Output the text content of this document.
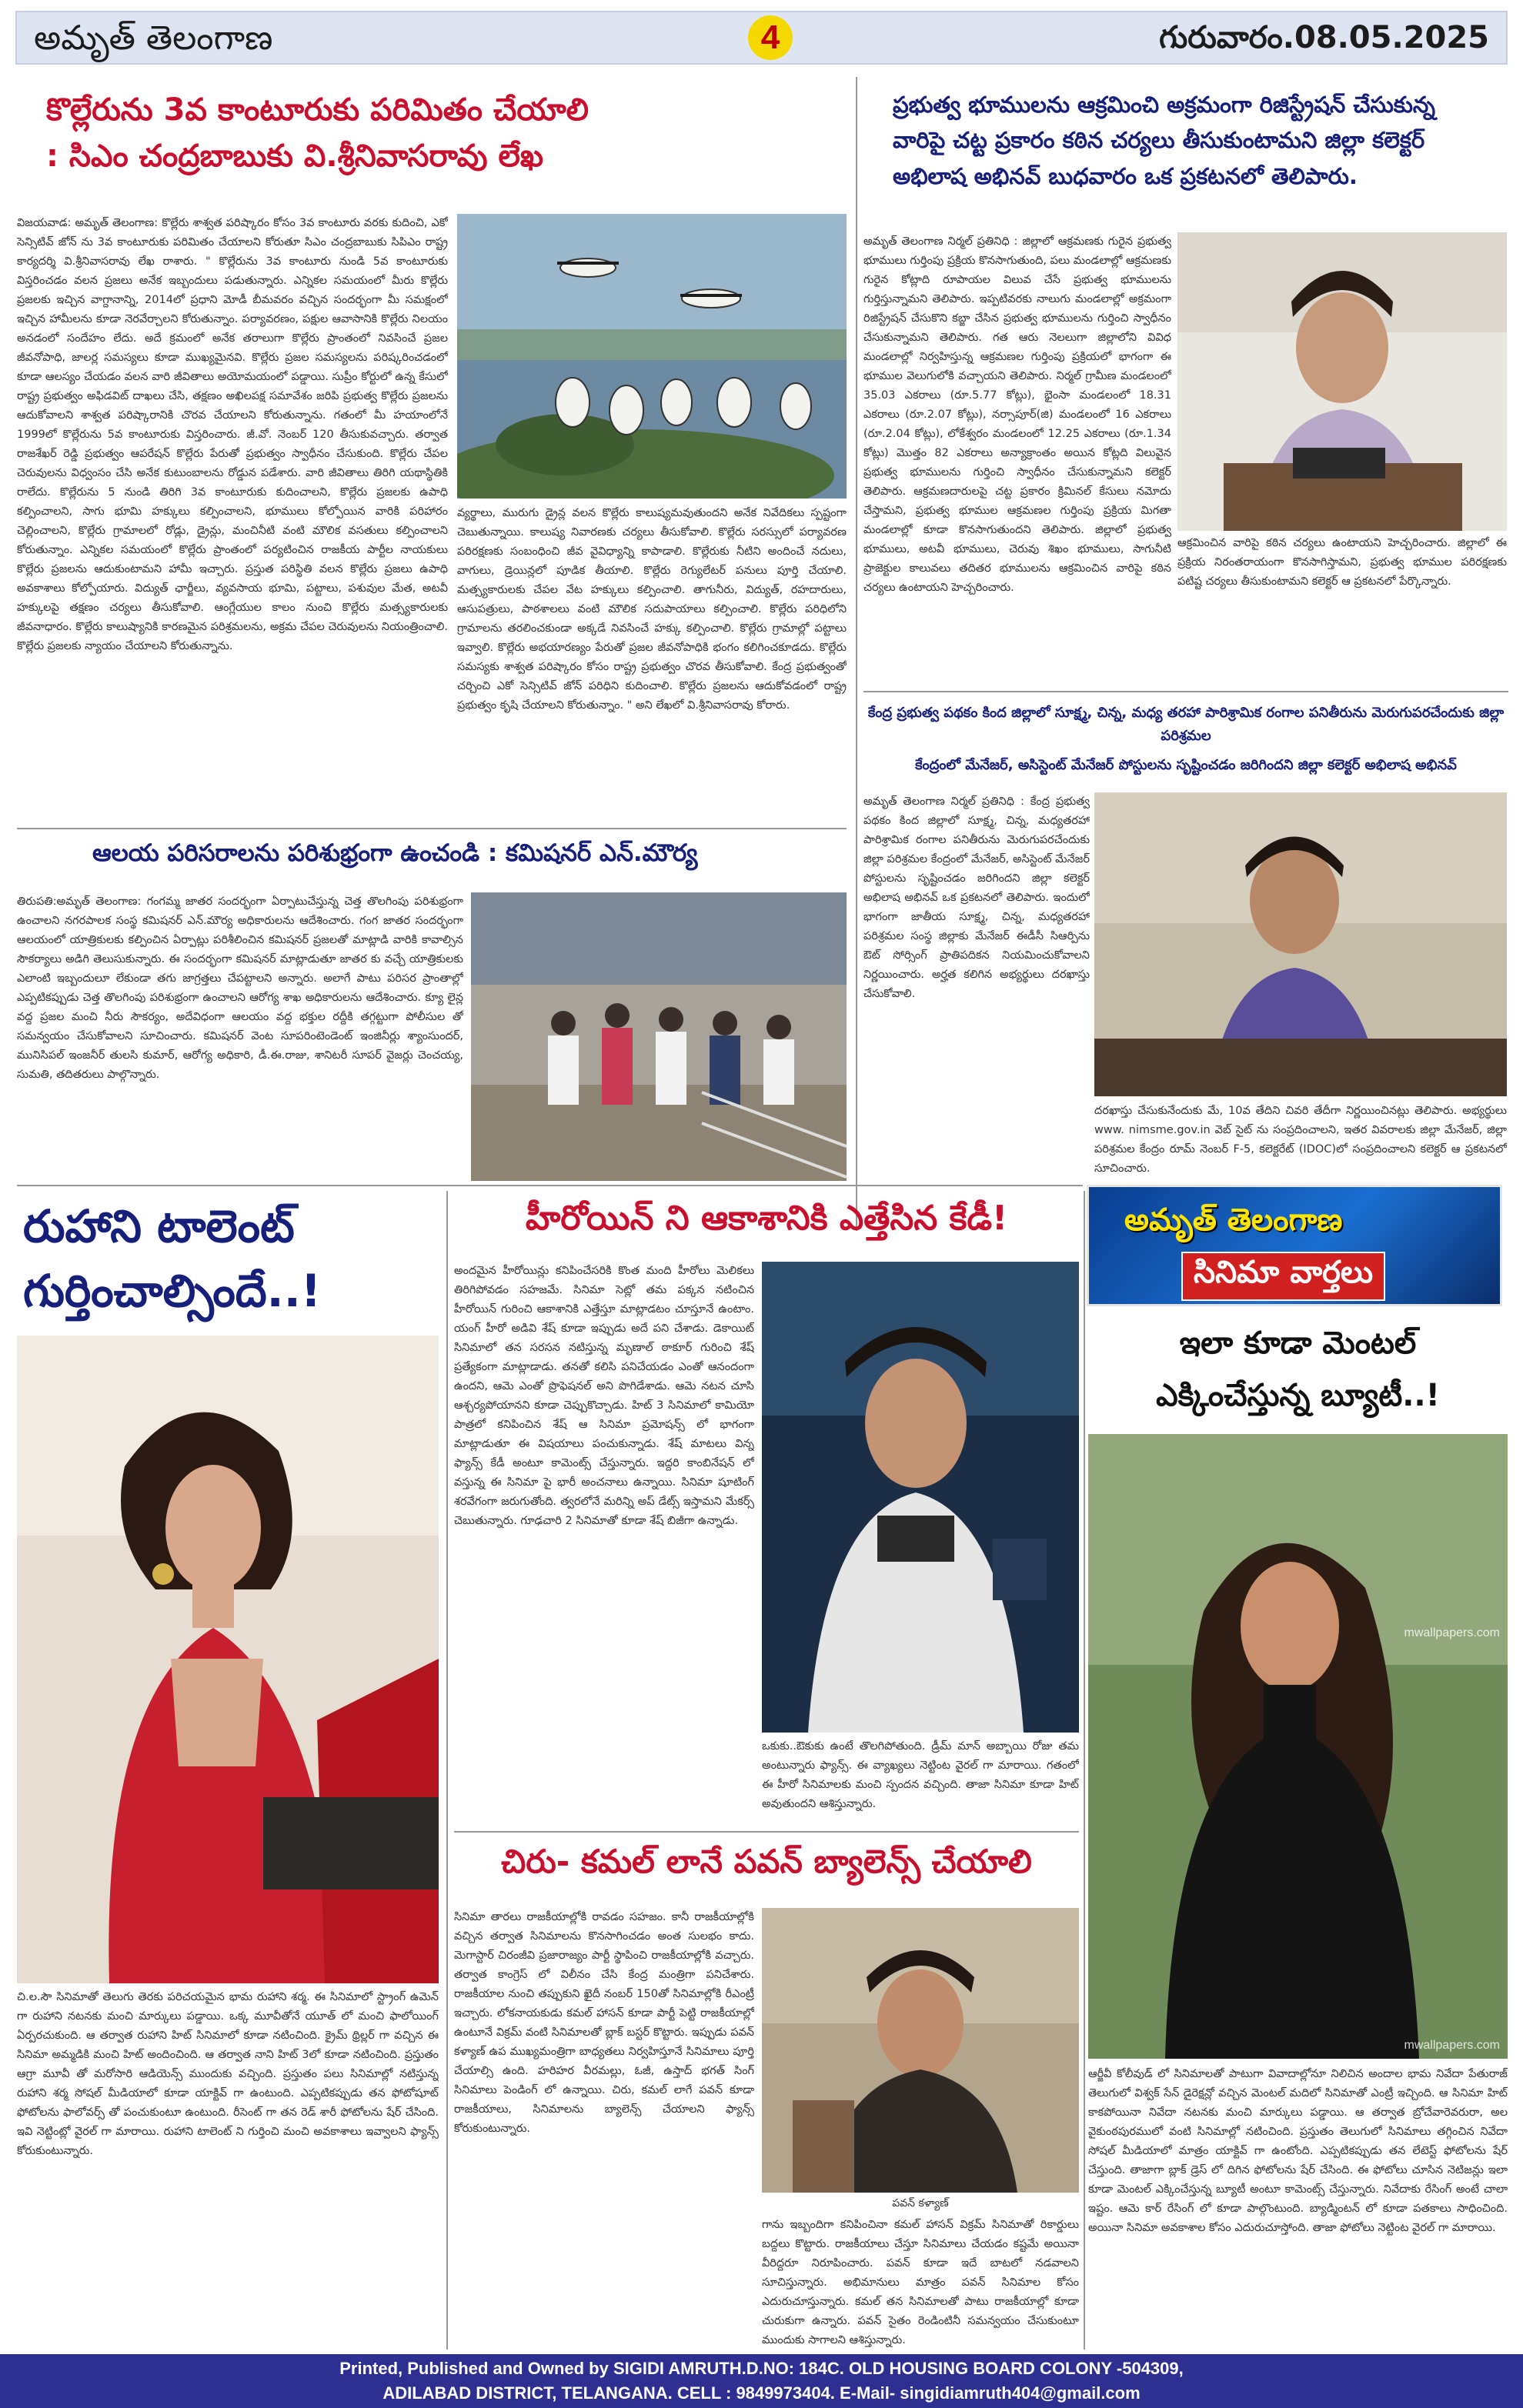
అమృత్ తెలంగాణ	4	గురువారం.08.05.2025
కొల్లేరును 3వ కాంటూరుకు పరిమితం చేయాలి
: సిఎం చంద్రబాబుకు వి.శ్రీనివాసరావు లేఖ
విజయవాడ: అమృత్ తెలంగాణ: కొల్లేరు శాశ్వత పరిష్కారం కోసం 3వ కాంటూరు వరకు కుదించి, ఎకో సెన్సిటివ్ జోన్ ను 3వ కాంటూరుకు పరిమితం చేయాలని కోరుతూ సిఎం చంద్రబాబుకు సిపిఎం రాష్ట్ర కార్యదర్శి వి.శ్రీనివాసరావు లేఖ రాశారు. " కొల్లేరును 3వ కాంటూరు నుండి 5వ కాంటూరుకు విస్తరించడం వలన ప్రజలు అనేక ఇబ్బందులు పడుతున్నారు. ఎన్నికల సమయంలో మీరు కొల్లేరు ప్రజలకు ఇచ్చిన వాగ్దానాన్ని, 2014లో ప్రధాని మోడీ బీమవరం వచ్చిన సందర్భంగా మీ సమక్షంలో ఇచ్చిన హామీలను కూడా నెరవేర్చాలని కోరుతున్నాం. పర్యావరణం, పక్షుల ఆవాసానికి కొల్లేరు నిలయం అనడంలో సందేహం లేదు. అదే క్రమంలో అనేక తరాలుగా కొల్లేరు ప్రాంతంలో నివసించే ప్రజల జీవనోపాధి, జాలర్ల సమస్యలు కూడా ముఖ్యమైనవి. కొల్లేరు ప్రజల సమస్యలను పరిష్కరించడంలో కూడా ఆలస్యం చేయడం వలన వారి జీవితాలు అయోమయంలో పడ్డాయి. సుప్రీం కోర్టులో ఉన్న కేసులో రాష్ట్ర ప్రభుత్వం అఫిడవిట్ దాఖలు చేసి, తక్షణం అఖిలపక్ష సమావేశం జరిపి ప్రభుత్వ కొల్లేరు ప్రజలను ఆదుకోవాలని శాశ్వత పరిష్కారానికి చొరవ చేయాలని కోరుతున్నాను. గతంలో మీ హయాంలోనే 1999లో కొల్లేరును 5వ కాంటూరుకు విస్తరించారు. జీ.వో. నెంబర్ 120 తీసుకువచ్చారు. తర్వాత రాజశేఖర్ రెడ్డి ప్రభుత్వం ఆపరేషన్ కొల్లేరు పేరుతో ప్రభుత్వం స్వాధీనం చేసుకుంది. కొల్లేరు చేపల చెరువులను విధ్వంసం చేసి అనేక కుటుంబాలను రోడ్డున పడేశారు. వారి జీవితాలు తిరిగి యథాస్థితికి రాలేదు. కొల్లేరును 5 నుండి తిరిగి 3వ కాంటూరుకు కుదించాలని, కొల్లేరు ప్రజలకు ఉపాధి కల్పించాలని, సాగు భూమి హక్కులు కల్పించాలని, భూములు కోల్పోయిన వారికి పరిహారం చెల్లించాలని, కొల్లేరు గ్రామాలలో రోడ్లు, డ్రైన్లు, మంచినీటి వంటి మౌలిక వసతులు కల్పించాలని కోరుతున్నాం. ఎన్నికల సమయంలో కొల్లేరు ప్రాంతంలో పర్యటించిన రాజకీయ పార్టీల నాయకులు కొల్లేరు ప్రజలను ఆదుకుంటామని హామీ ఇచ్చారు. ప్రస్తుత పరిస్థితి వలన కొల్లేరు ప్రజలు ఉపాధి అవకాశాలు కోల్పోయారు. విద్యుత్ ఛార్జీలు, వ్యవసాయ భూమి, పట్టాలు, పశువుల మేత, అటవీ హక్కులపై తక్షణం చర్యలు తీసుకోవాలి. ఆంగ్లేయుల కాలం నుంచి కొల్లేరు మత్స్యకారులకు జీవనాధారం. కొల్లేరు కాలుష్యానికి కారణమైన పరిశ్రమలను, అక్రమ చేపల చెరువులను నియంత్రించాలి. కొల్లేరు ప్రజలకు న్యాయం చేయాలని కోరుతున్నాను.
వ్యర్థాలు, మురుగు డ్రైన్ల వలన కొల్లేరు కాలుష్యమవుతుందని అనేక నివేదికలు స్పష్టంగా చెబుతున్నాయి. కాలుష్య నివారణకు చర్యలు తీసుకోవాలి. కొల్లేరు సరస్సులో పర్యావరణ పరిరక్షణకు సంబంధించి జీవ వైవిధ్యాన్ని కాపాడాలి. కొల్లేరుకు నీటిని అందించే నదులు, వాగులు, డ్రెయిన్లలో పూడిక తీయాలి. కొల్లేరు రెగ్యులేటర్ పనులు పూర్తి చేయాలి. మత్స్యకారులకు చేపల వేట హక్కులు కల్పించాలి. తాగునీరు, విద్యుత్, రహదారులు, ఆసుపత్రులు, పాఠశాలలు వంటి మౌలిక సదుపాయాలు కల్పించాలి. కొల్లేరు పరిధిలోని గ్రామాలను తరలించకుండా అక్కడే నివసించే హక్కు కల్పించాలి. కొల్లేరు గ్రామాల్లో పట్టాలు ఇవ్వాలి. కొల్లేరు అభయారణ్యం పేరుతో ప్రజల జీవనోపాధికి భంగం కలిగించకూడదు. కొల్లేరు సమస్యకు శాశ్వత పరిష్కారం కోసం రాష్ట్ర ప్రభుత్వం చొరవ తీసుకోవాలి. కేంద్ర ప్రభుత్వంతో చర్చించి ఎకో సెన్సిటివ్ జోన్ పరిధిని కుదించాలి. కొల్లేరు ప్రజలను ఆదుకోవడంలో రాష్ట్ర ప్రభుత్వం కృషి చేయాలని కోరుతున్నాం. " అని లేఖలో వి.శ్రీనివాసరావు కోరారు.
ప్రభుత్వ భూములను ఆక్రమించి అక్రమంగా రిజిస్ట్రేషన్ చేసుకున్న
వారిపై చట్ట ప్రకారం కఠిన చర్యలు తీసుకుంటామని జిల్లా కలెక్టర్
అభిలాష అభినవ్ బుధవారం ఒక ప్రకటనలో తెలిపారు.
అమృత్ తెలంగాణ నిర్మల్ ప్రతినిధి : జిల్లాలో ఆక్రమణకు గురైన ప్రభుత్వ భూములు గుర్తింపు ప్రక్రియ కొనసాగుతుంది, పలు మండలాల్లో ఆక్రమణకు గురైన కోట్లాది రూపాయల విలువ చేసే ప్రభుత్వ భూములను గుర్తిస్తున్నామని తెలిపారు. ఇప్పటివరకు నాలుగు మండలాల్లో అక్రమంగా రిజిస్ట్రేషన్ చేసుకొని కబ్జా చేసిన ప్రభుత్వ భూములను గుర్తించి స్వాధీనం చేసుకున్నామని తెలిపారు. గత ఆరు నెలలుగా జిల్లాలోని వివిధ మండలాల్లో నిర్వహిస్తున్న ఆక్రమణల గుర్తింపు ప్రక్రియలో భాగంగా ఈ భూముల వెలుగులోకి వచ్చాయని తెలిపారు. నిర్మల్ గ్రామీణ మండలంలో 35.03 ఎకరాలు (రూ.5.77 కోట్లు), భైంసా మండలంలో 18.31 ఎకరాలు (రూ.2.07 కోట్లు), నర్సాపూర్(జి) మండలంలో 16 ఎకరాలు (రూ.2.04 కోట్లు), లోకేశ్వరం మండలంలో 12.25 ఎకరాలు (రూ.1.34 కోట్లు) మొత్తం 82 ఎకరాలు అన్యాక్రాంతం అయిన కోట్లది విలువైన ప్రభుత్వ భూములను గుర్తించి స్వాధీనం చేసుకున్నామని కలెక్టర్ తెలిపారు. ఆక్రమణదారులపై చట్ట ప్రకారం క్రిమినల్ కేసులు నమోదు చేస్తామని, ప్రభుత్వ భూముల ఆక్రమణల గుర్తింపు ప్రక్రియ మిగతా మండలాల్లో కూడా కొనసాగుతుందని తెలిపారు. జిల్లాలో ప్రభుత్వ భూములు, అటవీ భూములు, చెరువు శిఖం భూములు, సాగునీటి ప్రాజెక్టుల కాలువలు తదితర భూములను ఆక్రమించిన వారిపై కఠిన చర్యలు ఉంటాయని హెచ్చరించారు.
ఆక్రమించిన వారిపై కఠిన చర్యలు ఉంటాయని హెచ్చరించారు. జిల్లాలో ఈ ప్రక్రియ నిరంతరాయంగా కొనసాగిస్తామని, ప్రభుత్వ భూముల పరిరక్షణకు పటిష్ట చర్యలు తీసుకుంటామని కలెక్టర్ ఆ ప్రకటనలో పేర్కొన్నారు.
కేంద్ర ప్రభుత్వ పథకం కింద జిల్లాలో సూక్ష్మ, చిన్న, మధ్య తరహా పారిశ్రామిక రంగాల పనితీరును మెరుగుపరచేందుకు జిల్లా పరిశ్రమల
కేంద్రంలో మేనేజర్, అసిస్టెంట్ మేనేజర్ పోస్టులను సృష్టించడం జరిగిందని జిల్లా కలెక్టర్ అభిలాష అభినవ్
అమృత్ తెలంగాణ నిర్మల్ ప్రతినిధి : కేంద్ర ప్రభుత్వ పథకం కింద జిల్లాలో సూక్ష్మ, చిన్న, మధ్యతరహా పారిశ్రామిక రంగాల పనితీరును మెరుగుపరచేందుకు జిల్లా పరిశ్రమల కేంద్రంలో మేనేజర్, అసిస్టెంట్ మేనేజర్ పోస్టులను సృష్టించడం జరిగిందని జిల్లా కలెక్టర్ అభిలాష అభినవ్ ఒక ప్రకటనలో తెలిపారు. ఇందులో భాగంగా జాతీయ సూక్ష్మ, చిన్న, మధ్యతరహా పరిశ్రమల సంస్థ జిల్లాకు మేనేజర్ ఈడీసీ సిఆర్పిను ఔట్ సోర్సింగ్ ప్రాతిపదికన నియమించుకోవాలని నిర్ణయించారు. అర్హత కలిగిన అభ్యర్థులు దరఖాస్తు చేసుకోవాలి.
దరఖాస్తు చేసుకునేందుకు మే, 10వ తేదిని చివరి తేదీగా నిర్ణయించినట్లు తెలిపారు. అభ్యర్థులు www. nimsme.gov.in వెబ్ సైట్ ను సంప్రదించాలని, ఇతర వివరాలకు జిల్లా మేనేజర్, జిల్లా పరిశ్రమల కేంద్రం రూమ్ నెంబర్ F-5, కలెక్టరేట్ (IDOC)లో సంప్రదించాలని కలెక్టర్ ఆ ప్రకటనలో సూచించారు.
ఆలయ పరిసరాలను పరిశుభ్రంగా ఉంచండి : కమిషనర్ ఎన్.మౌర్య
తిరుపతి:అమృత్ తెలంగాణ: గంగమ్మ జాతర సందర్భంగా ఏర్పాటుచేస్తున్న చెత్త తొలగింపు పరిశుభ్రంగా ఉంచాలని నగరపాలక సంస్థ కమిషనర్ ఎన్.మౌర్య అధికారులను ఆదేశించారు. గంగ జాతర సందర్భంగా ఆలయంలో యాత్రికులకు కల్పించిన ఏర్పాట్లు పరిశీలించిన కమిషనర్ ప్రజలతో మాట్లాడి వారికి కావాల్సిన సౌకర్యాలు అడిగి తెలుసుకున్నారు. ఈ సందర్భంగా కమిషనర్ మాట్లాడుతూ జాతర కు వచ్చే యాత్రికులకు ఎలాంటి ఇబ్బందులూ లేకుండా తగు జాగ్రత్తలు చేపట్టాలని అన్నారు. అలాగే పాటు పరిసర ప్రాంతాల్లో ఎప్పటికప్పుడు చెత్త తొలగింపు పరిశుభ్రంగా ఉంచాలని ఆరోగ్య శాఖ అధికారులను ఆదేశించారు. క్యూ లైన్ల వద్ద ప్రజల మంచి నీరు సౌకర్యం, అదేవిధంగా ఆలయం వద్ద భక్తుల రద్దీకి తగ్గట్టుగా పోలీసుల తో సమన్వయం చేసుకోవాలని సూచించారు. కమిషనర్ వెంట సూపరింటెండెంట్ ఇంజినీర్లు శ్యాంసుందర్, మునిసిపల్ ఇంజనీర్ తులసి కుమార్, ఆరోగ్య అధికారి, డీ.ఈ.రాజు, శానిటరీ సూపర్ వైజర్లు చెంచయ్య, సుమతి, తదితరులు పాల్గొన్నారు.
రుహాని టాలెంట్
గుర్తించాల్సిందే..!
చి.ల.సౌ సినిమాతో తెలుగు తెరకు పరిచయమైన భామ రుహాని శర్మ. ఈ సినిమాలో స్ట్రాంగ్ ఉమెన్ గా రుహాని నటనకు మంచి మార్కులు పడ్డాయి. ఒక్క మూవీతోనే యూత్ లో మంచి ఫాలోయింగ్ ఏర్పరచుకుంది. ఆ తర్వాత రుహాని హిట్ సినిమాలో కూడా నటించింది. క్రైమ్ థ్రిల్లర్ గా వచ్చిన ఈ సినిమా అమ్మడికి మంచి హిట్ అందించింది. ఆ తర్వాత నాని హిట్ 3లో కూడా నటించింది. ప్రస్తుతం ఆగ్రా మూవీ తో మరోసారి ఆడియెన్స్ ముందుకు వచ్చింది. ప్రస్తుతం పలు సినిమాల్లో నటిస్తున్న రుహాని శర్మ సోషల్ మీడియాలో కూడా యాక్టివ్ గా ఉంటుంది. ఎప్పటికప్పుడు తన ఫోటోషూట్ ఫోటోలను ఫాలోవర్స్ తో పంచుకుంటూ ఉంటుంది. రీసెంట్ గా తన రెడ్ శారీ ఫోటోలను షేర్ చేసింది. ఇవి నెట్టింట్లో వైరల్ గా మారాయి. రుహాని టాలెంట్ ని గుర్తించి మంచి అవకాశాలు ఇవ్వాలని ఫ్యాన్స్ కోరుకుంటున్నారు.
హీరోయిన్ ని ఆకాశానికి ఎత్తేసిన కేడీ!
అందమైన హీరోయిన్లు కనిపించేసరికి కొంత మంది హీరోలు మెలికలు తిరిగిపోవడం సహజమే. సినిమా సెట్లో తమ పక్కన నటించిన హీరోయిన్ గురించి ఆకాశానికి ఎత్తేస్తూ మాట్లాడటం చూస్తూనే ఉంటాం. యంగ్ హీరో అడివి శేష్ కూడా ఇప్పుడు అదే పని చేశాడు. డెకాయిట్ సినిమాలో తన సరసన నటిస్తున్న మృణాల్ ఠాకూర్ గురించి శేష్ ప్రత్యేకంగా మాట్లాడాడు. తనతో కలిసి పనిచేయడం ఎంతో ఆనందంగా ఉందని, ఆమె ఎంతో ప్రొఫెషనల్ అని పొగిడేశాడు. ఆమె నటన చూసి ఆశ్చర్యపోయానని కూడా చెప్పుకొచ్చాడు. హిట్ 3 సినిమాలో కామియో పాత్రలో కనిపించిన శేష్ ఆ సినిమా ప్రమోషన్స్ లో భాగంగా మాట్లాడుతూ ఈ విషయాలు పంచుకున్నాడు. శేష్ మాటలు విన్న ఫ్యాన్స్ కేడీ అంటూ కామెంట్స్ చేస్తున్నారు. ఇద్దరి కాంబినేషన్ లో వస్తున్న ఈ సినిమా పై భారీ అంచనాలు ఉన్నాయి. సినిమా షూటింగ్ శరవేగంగా జరుగుతోంది. త్వరలోనే మరిన్ని అప్ డేట్స్ ఇస్తామని మేకర్స్ చెబుతున్నారు. గూఢచారి 2 సినిమాతో కూడా శేష్ బిజీగా ఉన్నాడు.
ఒకుకు..ఔకుకు ఉంటే తొలగిపోతుంది. డ్రీమ్ మాన్ అబ్బాయి రోజు తమ అంటున్నారు ఫ్యాన్స్. ఈ వ్యాఖ్యలు నెట్టింట వైరల్ గా మారాయి. గతంలో ఈ హీరో సినిమాలకు మంచి స్పందన వచ్చింది. తాజా సినిమా కూడా హిట్ అవుతుందని ఆశిస్తున్నారు.
చిరు- కమల్ లానే పవన్ బ్యాలెన్స్ చేయాలి
సినిమా తారలు రాజకీయాల్లోకి రావడం సహజం. కానీ రాజకీయాల్లోకి వచ్చిన తర్వాత సినిమాలను కొనసాగించడం అంత సులభం కాదు. మెగాస్టార్ చిరంజీవి ప్రజారాజ్యం పార్టీ స్థాపించి రాజకీయాల్లోకి వచ్చారు. తర్వాత కాంగ్రెస్ లో విలీనం చేసి కేంద్ర మంత్రిగా పనిచేశారు. రాజకీయాల నుంచి తప్పుకుని ఖైదీ నంబర్ 150తో సినిమాల్లోకి రీఎంట్రీ ఇచ్చారు. లోకనాయకుడు కమల్ హాసన్ కూడా పార్టీ పెట్టి రాజకీయాల్లో ఉంటూనే విక్రమ్ వంటి సినిమాలతో బ్లాక్ బస్టర్ కొట్టారు. ఇప్పుడు పవన్ కళ్యాణ్ ఉప ముఖ్యమంత్రిగా బాధ్యతలు నిర్వహిస్తూనే సినిమాలు పూర్తి చేయాల్సి ఉంది. హరిహర వీరమల్లు, ఓజీ, ఉస్తాద్ భగత్ సింగ్ సినిమాలు పెండింగ్ లో ఉన్నాయి. చిరు, కమల్ లాగే పవన్ కూడా రాజకీయాలు, సినిమాలను బ్యాలెన్స్ చేయాలని ఫ్యాన్స్ కోరుకుంటున్నారు.
పవన్ కళ్యాణ్
గాను ఇబ్బందిగా కనిపించినా కమల్ హాసన్ విక్రమ్ సినిమాతో రికార్డులు బద్దలు కొట్టారు. రాజకీయాలు చేస్తూ సినిమాలు చేయడం కష్టమే అయినా వీరిద్దరూ నిరూపించారు. పవన్ కూడా ఇదే బాటలో నడవాలని సూచిస్తున్నారు. అభిమానులు మాత్రం పవన్ సినిమాల కోసం ఎదురుచూస్తున్నారు. కమల్ తన సినిమాలతో పాటు రాజకీయాల్లో కూడా చురుకుగా ఉన్నారు. పవన్ సైతం రెండింటినీ సమన్వయం చేసుకుంటూ ముందుకు సాగాలని ఆశిస్తున్నారు.
అమృత్ తెలంగాణ
సినిమా వార్తలు
ఇలా కూడా మెంటల్
ఎక్కించేస్తున్న బ్యూటీ..!
mwallpapers.com
mwallpapers.com
ఆర్జీవీ కోలీవుడ్ లో సినిమాలతో పాటుగా వివాదాల్లోనూ నిలిచిన అందాల భామ నివేదా పేతురాజ్ తెలుగులో విశ్వక్ సేన్ డైరెక్షన్లో వచ్చిన మెంటల్ మదిలో సినిమాతో ఎంట్రీ ఇచ్చింది. ఆ సినిమా హిట్ కాకపోయినా నివేదా నటనకు మంచి మార్కులు పడ్డాయి. ఆ తర్వాత బ్రోచేవారెవరురా, అల వైకుంఠపురములో వంటి సినిమాల్లో నటించింది. ప్రస్తుతం తెలుగులో సినిమాలు తగ్గించిన నివేదా సోషల్ మీడియాలో మాత్రం యాక్టివ్ గా ఉంటోంది. ఎప్పటికప్పుడు తన లేటెస్ట్ ఫోటోలను షేర్ చేస్తుంది. తాజాగా బ్లాక్ డ్రెస్ లో దిగిన ఫోటోలను షేర్ చేసింది. ఈ ఫోటోలు చూసిన నెటిజన్లు ఇలా కూడా మెంటల్ ఎక్కించేస్తున్న బ్యూటీ అంటూ కామెంట్స్ చేస్తున్నారు. నివేదాకు రేసింగ్ అంటే చాలా ఇష్టం. ఆమె కార్ రేసింగ్ లో కూడా పాల్గొంటుంది. బ్యాడ్మింటన్ లో కూడా పతకాలు సాధించింది. అయినా సినిమా అవకాశాల కోసం ఎదురుచూస్తోంది. తాజా ఫోటోలు నెట్టింట వైరల్ గా మారాయి.
Printed, Published and Owned by SIGIDI AMRUTH.D.NO: 184C. OLD HOUSING BOARD COLONY -504309,
ADILABAD DISTRICT, TELANGANA. CELL : 9849973404. E-Mail- singidiamruth404@gmail.com
